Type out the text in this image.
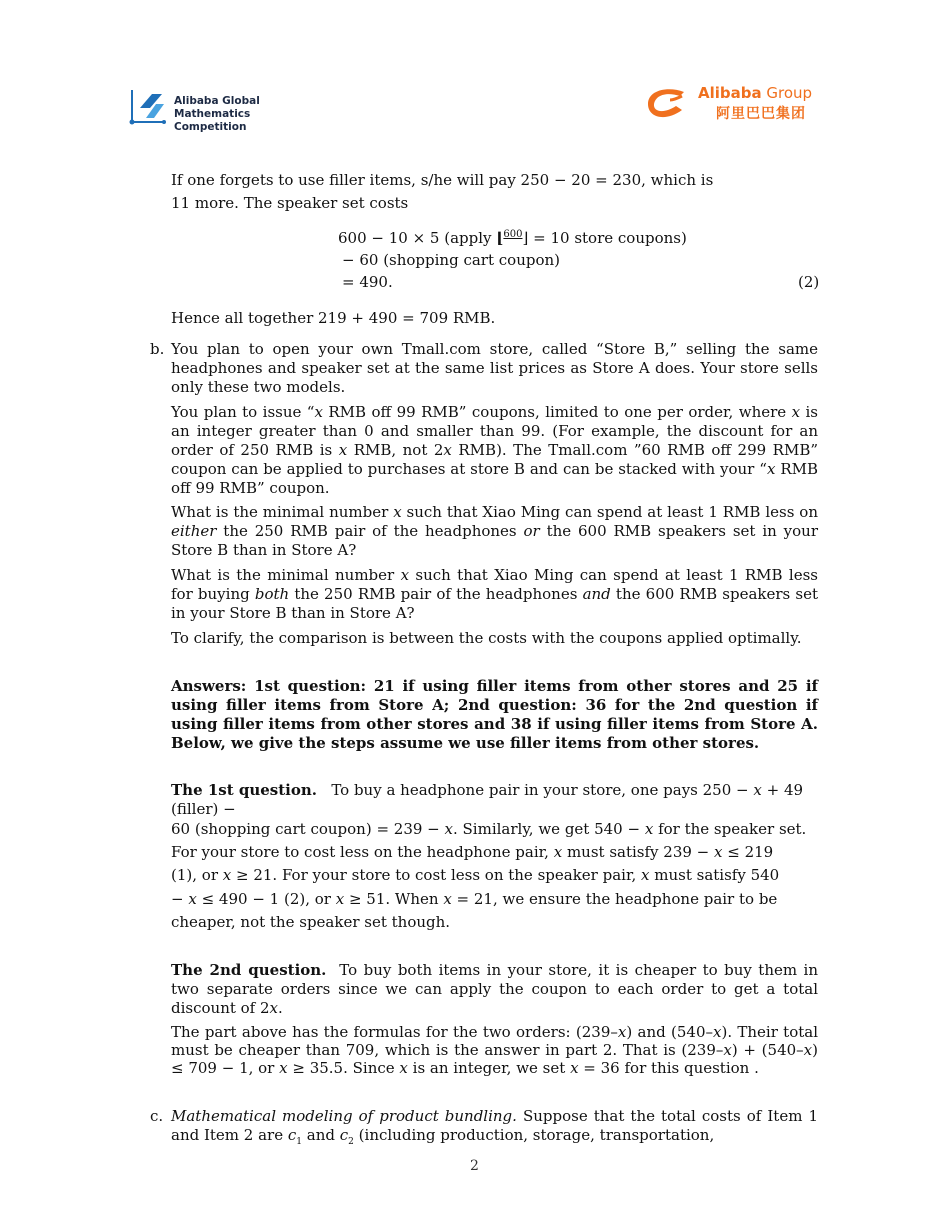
Alibaba Global
Mathematics Competition
Alibaba Group
阿里巴巴集团
If one forgets to use filler items, s/he will pay 250 − 20 = 230, which is
11 more. The speaker set costs
600 − 10 × 5 (apply ⌊600⌋ = 10 store coupons)
− 60 (shopping cart coupon)
= 490.	(2)
Hence all together 219 + 490 = 709 RMB.
b. You plan to open your own Tmall.com store, called “Store B,” selling the same headphones and speaker set at the same list prices as Store A does. Your store sells only these two models.

You plan to issue “x RMB off 99 RMB” coupons, limited to one per order, where x is an integer greater than 0 and smaller than 99. (For example, the discount for an order of 250 RMB is x RMB, not 2x RMB). The Tmall.com ”60 RMB off 299 RMB” coupon can be applied to purchases at store B and can be stacked with your “x RMB off 99 RMB” coupon.

What is the minimal number x such that Xiao Ming can spend at least 1 RMB less on either the 250 RMB pair of the headphones or the 600 RMB speakers set in your Store B than in Store A?

What is the minimal number x such that Xiao Ming can spend at least 1 RMB less for buying both the 250 RMB pair of the headphones and the 600 RMB speakers set in your Store B than in Store A?

To clarify, the comparison is between the costs with the coupons applied optimally.

Answers: 1st question: 21 if using filler items from other stores and 25 if using filler items from Store A; 2nd question: 36 for the 2nd question if using filler items from other stores and 38 if using filler items from Store A. Below, we give the steps assume we use filler items from other stores.

The 1st question.   To buy a headphone pair in your store, one pays 250 − x + 49
(filler) −
60 (shopping cart coupon) = 239 − x. Similarly, we get 540 − x for the speaker set.
For your store to cost less on the headphone pair, x must satisfy 239 − x ≤ 219
(1), or x ≥ 21. For your store to cost less on the speaker pair, x must satisfy 540
− x ≤ 490 − 1 (2), or x ≥ 51. When x = 21, we ensure the headphone pair to be
cheaper, not the speaker set though.

The 2nd question.  To buy both items in your store, it is cheaper to buy them in two separate orders since we can apply the coupon to each order to get a total discount of 2x.

The part above has the formulas for the two orders: (239–x) and (540–x). Their total must be cheaper than 709, which is the answer in part 2. That is (239–x) + (540–x) ≤ 709 − 1, or x ≥ 35.5. Since x is an integer, we set x = 36 for this question .

c. Mathematical modeling of product bundling. Suppose that the total costs of Item 1 and Item 2 are $c_1$ and $c_2$ (including production, storage, transportation,

2
